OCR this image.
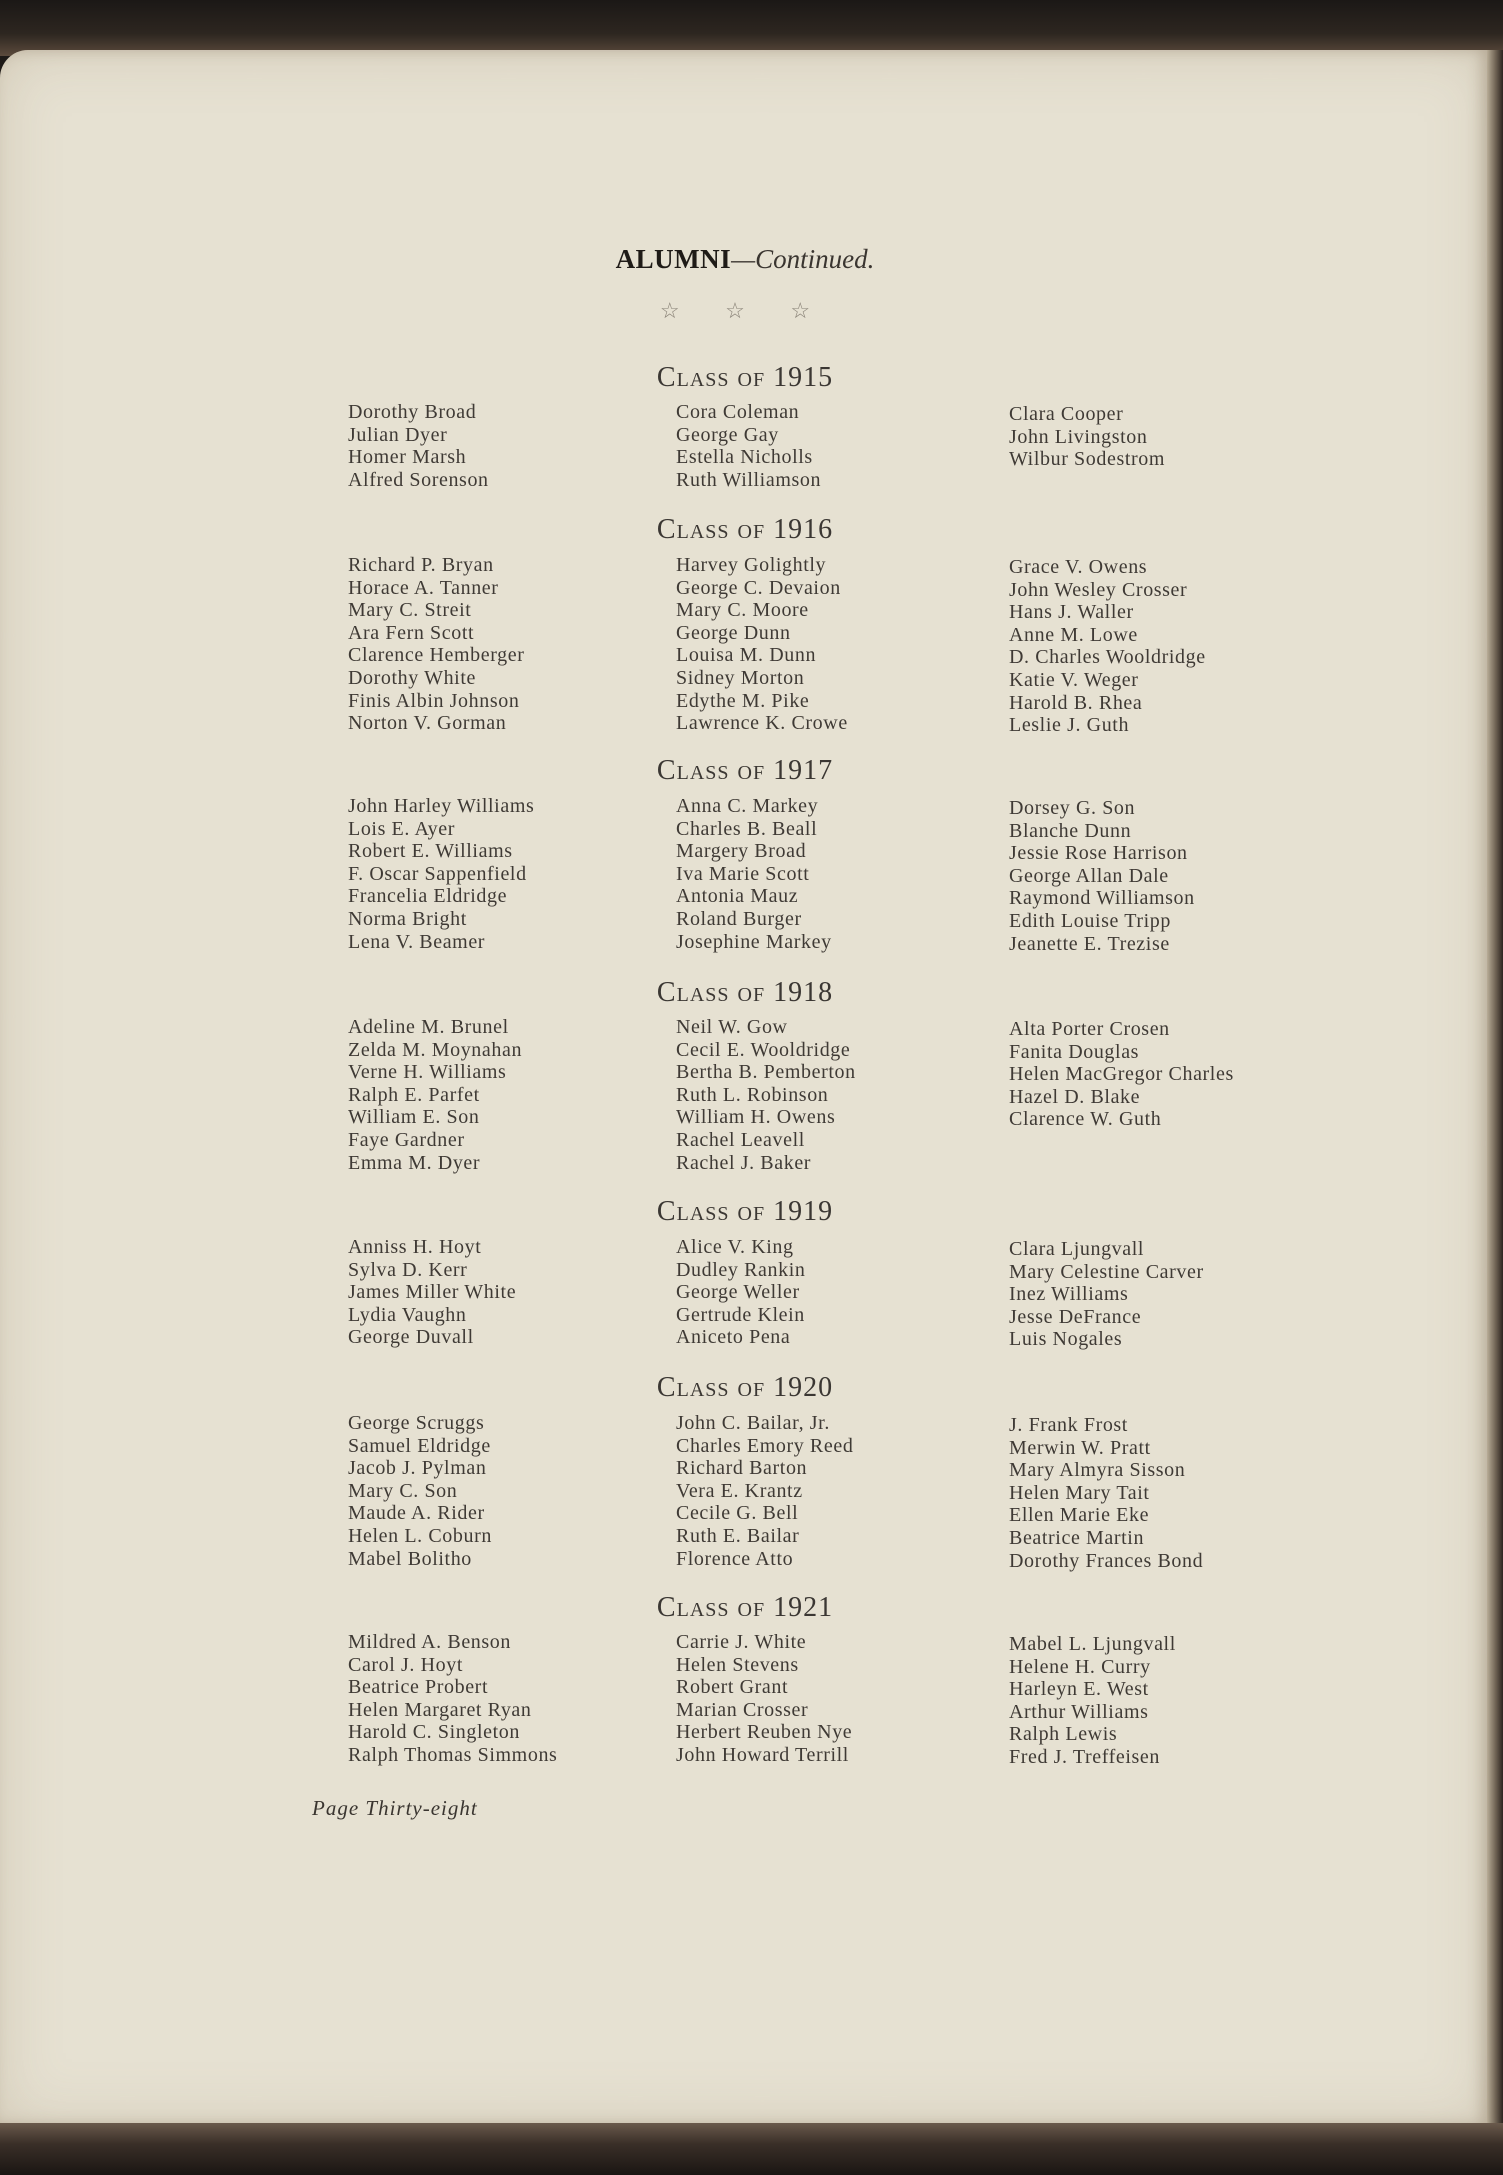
ALUMNI—Continued.
☆ ☆ ☆
Class of 1915
Dorothy Broad
Julian Dyer
Homer Marsh
Alfred Sorenson
Cora Coleman
George Gay
Estella Nicholls
Ruth Williamson
Clara Cooper
John Livingston
Wilbur Sodestrom
Class of 1916
Richard P. Bryan
Horace A. Tanner
Mary C. Streit
Ara Fern Scott
Clarence Hemberger
Dorothy White
Finis Albin Johnson
Norton V. Gorman
Harvey Golightly
George C. Devaion
Mary C. Moore
George Dunn
Louisa M. Dunn
Sidney Morton
Edythe M. Pike
Lawrence K. Crowe
Grace V. Owens
John Wesley Crosser
Hans J. Waller
Anne M. Lowe
D. Charles Wooldridge
Katie V. Weger
Harold B. Rhea
Leslie J. Guth
Class of 1917
John Harley Williams
Lois E. Ayer
Robert E. Williams
F. Oscar Sappenfield
Francelia Eldridge
Norma Bright
Lena V. Beamer
Anna C. Markey
Charles B. Beall
Margery Broad
Iva Marie Scott
Antonia Mauz
Roland Burger
Josephine Markey
Dorsey G. Son
Blanche Dunn
Jessie Rose Harrison
George Allan Dale
Raymond Williamson
Edith Louise Tripp
Jeanette E. Trezise
Class of 1918
Adeline M. Brunel
Zelda M. Moynahan
Verne H. Williams
Ralph E. Parfet
William E. Son
Faye Gardner
Emma M. Dyer
Neil W. Gow
Cecil E. Wooldridge
Bertha B. Pemberton
Ruth L. Robinson
William H. Owens
Rachel Leavell
Rachel J. Baker
Alta Porter Crosen
Fanita Douglas
Helen MacGregor Charles
Hazel D. Blake
Clarence W. Guth
Class of 1919
Anniss H. Hoyt
Sylva D. Kerr
James Miller White
Lydia Vaughn
George Duvall
Alice V. King
Dudley Rankin
George Weller
Gertrude Klein
Aniceto Pena
Clara Ljungvall
Mary Celestine Carver
Inez Williams
Jesse DeFrance
Luis Nogales
Class of 1920
George Scruggs
Samuel Eldridge
Jacob J. Pylman
Mary C. Son
Maude A. Rider
Helen L. Coburn
Mabel Bolitho
John C. Bailar, Jr.
Charles Emory Reed
Richard Barton
Vera E. Krantz
Cecile G. Bell
Ruth E. Bailar
Florence Atto
J. Frank Frost
Merwin W. Pratt
Mary Almyra Sisson
Helen Mary Tait
Ellen Marie Eke
Beatrice Martin
Dorothy Frances Bond
Class of 1921
Mildred A. Benson
Carol J. Hoyt
Beatrice Probert
Helen Margaret Ryan
Harold C. Singleton
Ralph Thomas Simmons
Carrie J. White
Helen Stevens
Robert Grant
Marian Crosser
Herbert Reuben Nye
John Howard Terrill
Mabel L. Ljungvall
Helene H. Curry
Harleyn E. West
Arthur Williams
Ralph Lewis
Fred J. Treffeisen
Page Thirty-eight
